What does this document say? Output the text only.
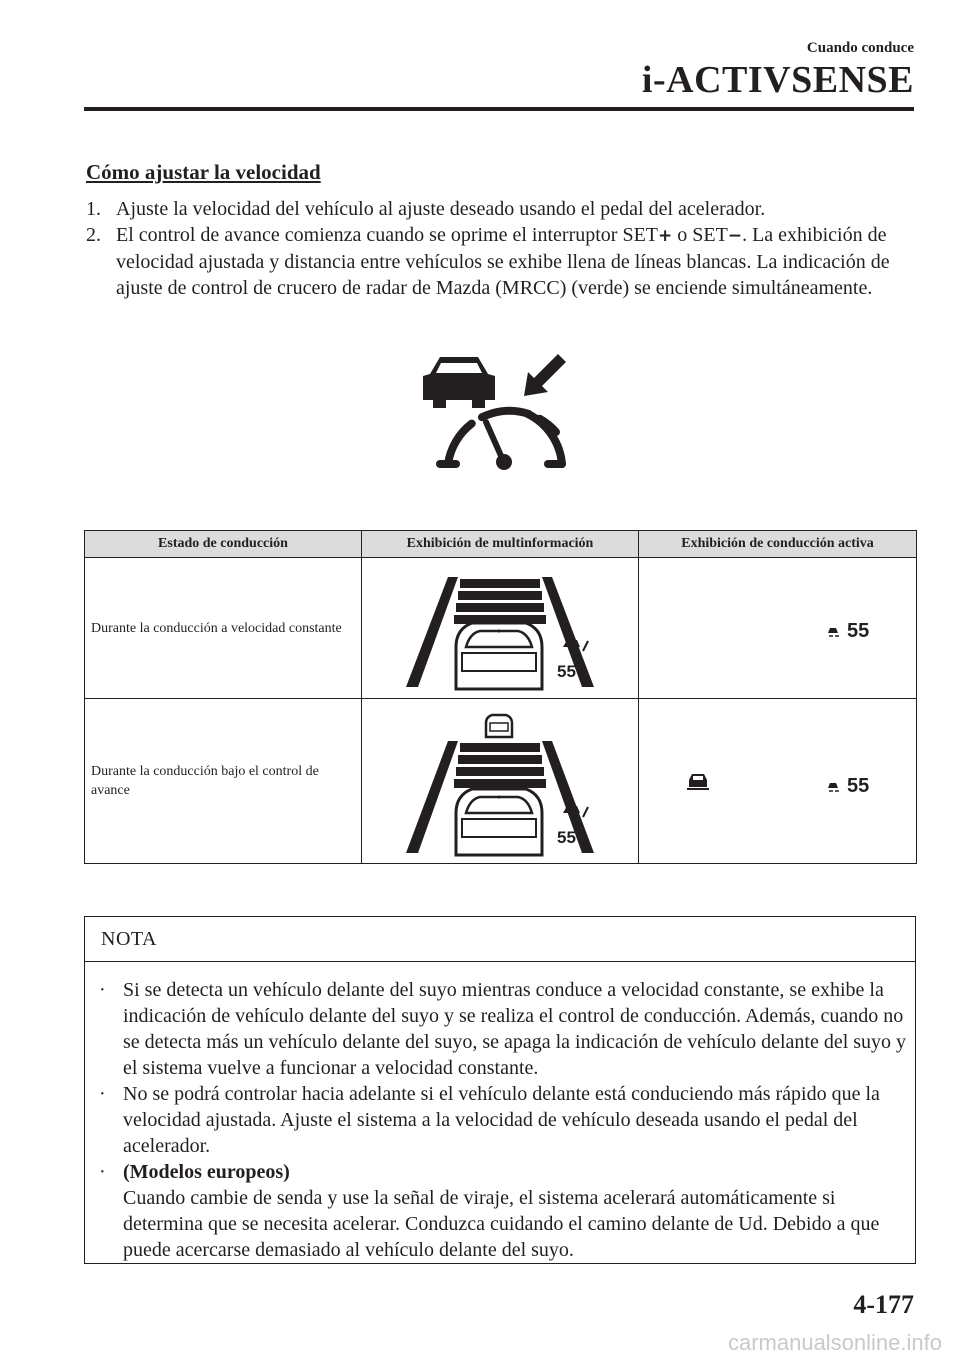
Cuando conduce
i-ACTIVSENSE
Cómo ajustar la velocidad
1. Ajuste la velocidad del vehículo al ajuste deseado usando el pedal del acelerador.
2. El control de avance comienza cuando se oprime el interruptor SET+ o SET−. La exhibición de velocidad ajustada y distancia entre vehículos se exhibe llena de líneas blancas. La indicación de ajuste de control de crucero de radar de Mazda (MRCC) (verde) se enciende simultáneamente.
Estado de conducción	Exhibición de multinformación	Exhibición de conducción activa
Durante la conducción a velocidad constante	55	55

Durante la conducción bajo el control de avance	55	55
NOTA
· Si se detecta un vehículo delante del suyo mientras conduce a velocidad constante, se exhibe la indicación de vehículo delante del suyo y se realiza el control de conducción. Además, cuando no se detecta más un vehículo delante del suyo, se apaga la indicación de vehículo delante del suyo y el sistema vuelve a funcionar a velocidad constante.
· No se podrá controlar hacia adelante si el vehículo delante está conduciendo más rápido que la velocidad ajustada. Ajuste el sistema a la velocidad de vehículo deseada usando el pedal del acelerador.
· (Modelos europeos)
Cuando cambie de senda y use la señal de viraje, el sistema acelerará automáticamente si determina que se necesita acelerar. Conduzca cuidando el camino delante de Ud. Debido a que puede acercarse demasiado al vehículo delante del suyo.
4-177
carmanualsonline.info
